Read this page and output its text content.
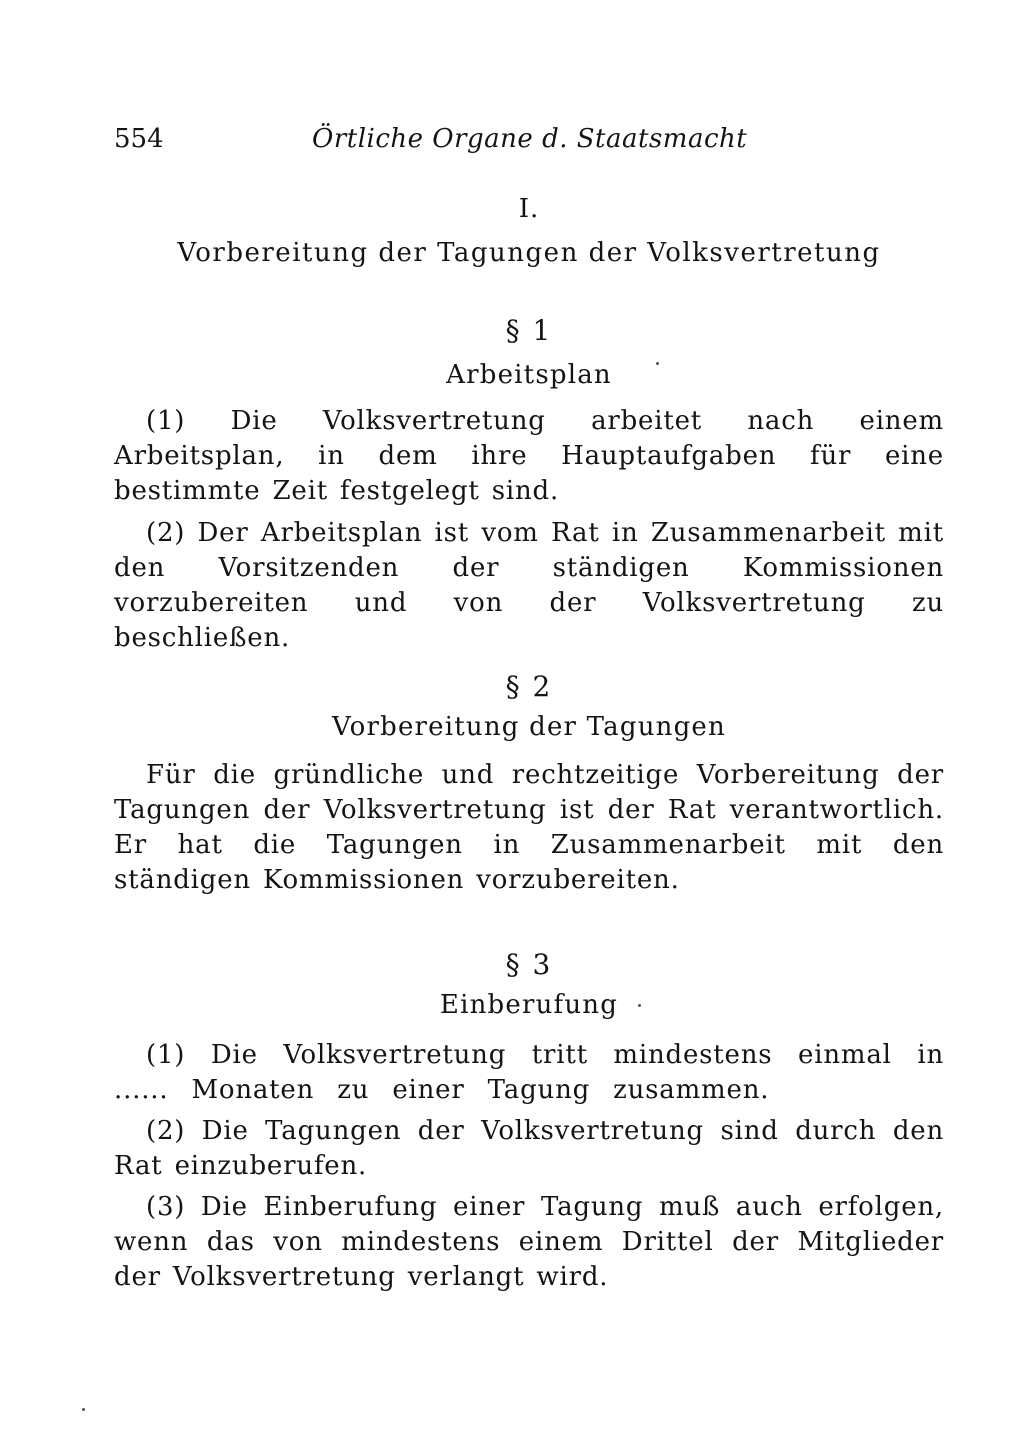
554	Örtliche Organe d. Staatsmacht
I.
Vorbereitung der Tagungen der Volksvertretung
§ 1
Arbeitsplan

(1) Die Volksvertretung arbeitet nach einem Arbeitsplan, in dem ihre Hauptaufgaben für eine bestimmte Zeit festgelegt sind.

(2) Der Arbeitsplan ist vom Rat in Zusammenarbeit mit den Vorsitzenden der ständigen Kommissionen vorzubereiten und von der Volksvertretung zu beschließen.

§ 2
Vorbereitung der Tagungen

Für die gründliche und rechtzeitige Vorbereitung der Tagungen der Volksvertretung ist der Rat verantwortlich. Er hat die Tagungen in Zusammenarbeit mit den ständigen Kommissionen vorzubereiten.

§ 3
Einberufung

(1) Die Volksvertretung tritt mindestens einmal in ...... Monaten zu einer Tagung zusammen.

(2) Die Tagungen der Volksvertretung sind durch den Rat einzuberufen.

(3) Die Einberufung einer Tagung muß auch erfolgen, wenn das von mindestens einem Drittel der Mitglieder der Volksvertretung verlangt wird.
